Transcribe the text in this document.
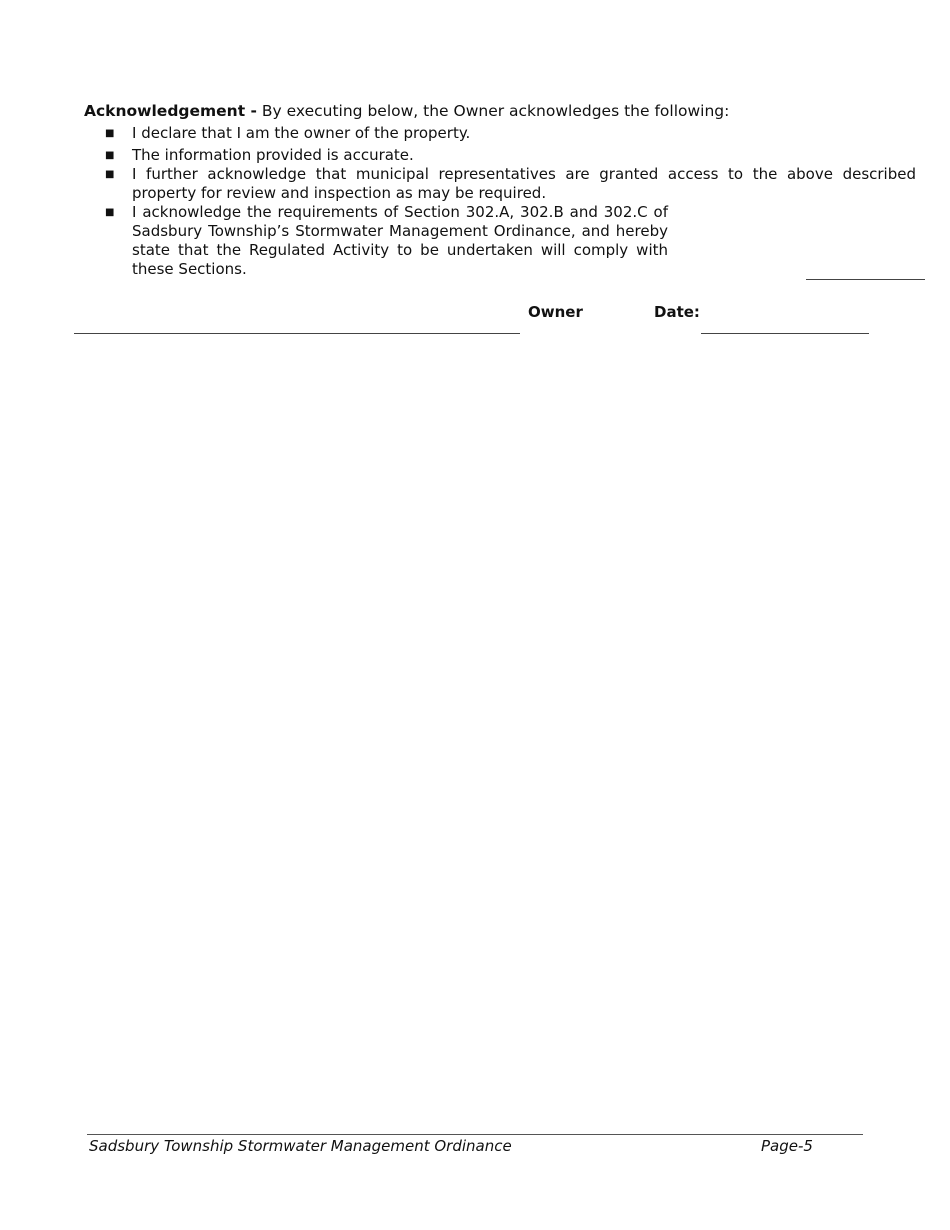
Acknowledgement - By executing below, the Owner acknowledges the following:
■ I declare that I am the owner of the property.
■ The information provided is accurate.
■ I further acknowledge that municipal representatives are granted access to the above described property for review and inspection as may be required.
■ I acknowledge the requirements of Section 302.A, 302.B and 302.C of Sadsbury Township’s Stormwater Management Ordinance, and hereby state that the Regulated Activity to be undertaken will comply with these Sections.
Owner	Date:
Sadsbury Township Stormwater Management Ordinance	Page-5
